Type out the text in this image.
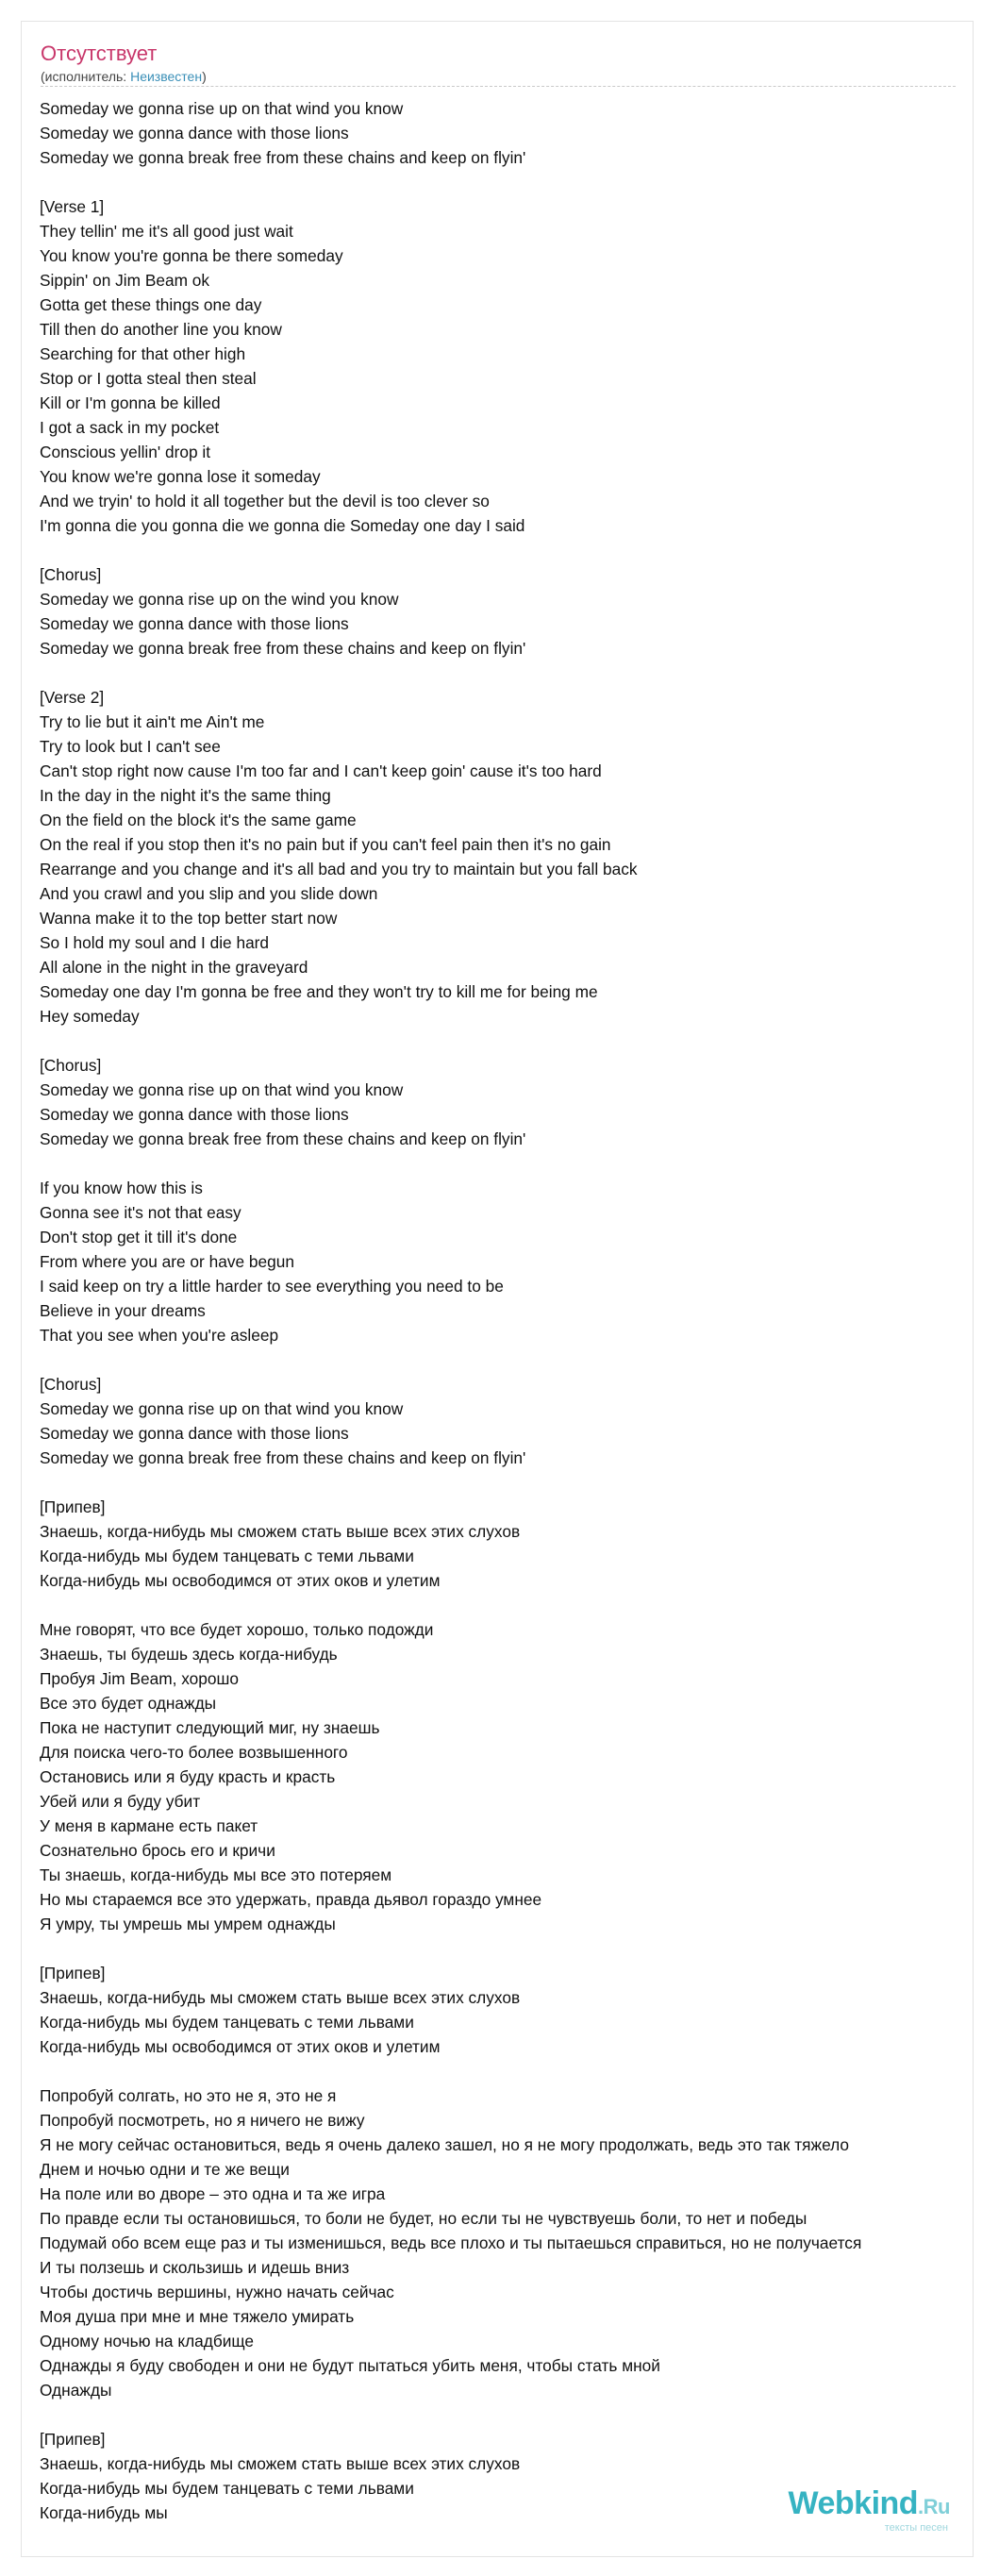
Отсутствует
(исполнитель: Неизвестен)
Someday we gonna rise up on that wind you know
Someday we gonna dance with those lions
Someday we gonna break free from these chains and keep on flyin'
[Verse 1]
They tellin' me it's all good just wait
You know you're gonna be there someday
Sippin' on Jim Beam ok
Gotta get these things one day
Till then do another line you know
Searching for that other high
Stop or I gotta steal then steal
Kill or I'm gonna be killed
I got a sack in my pocket
Conscious yellin' drop it
You know we're gonna lose it someday
And we tryin' to hold it all together but the devil is too clever so
I'm gonna die you gonna die we gonna die Someday one day I said
[Chorus]
Someday we gonna rise up on the wind you know
Someday we gonna dance with those lions
Someday we gonna break free from these chains and keep on flyin'
[Verse 2]
Try to lie but it ain't me Ain't me
Try to look but I can't see
Can't stop right now cause I'm too far and I can't keep goin' cause it's too hard
In the day in the night it's the same thing
On the field on the block it's the same game
On the real if you stop then it's no pain but if you can't feel pain then it's no gain
Rearrange and you change and it's all bad and you try to maintain but you fall back
And you crawl and you slip and you slide down
Wanna make it to the top better start now
So I hold my soul and I die hard
All alone in the night in the graveyard
Someday one day I'm gonna be free and they won't try to kill me for being me
Hey someday
[Chorus]
Someday we gonna rise up on that wind you know
Someday we gonna dance with those lions
Someday we gonna break free from these chains and keep on flyin'
If you know how this is
Gonna see it's not that easy
Don't stop get it till it's done
From where you are or have begun
I said keep on try a little harder to see everything you need to be
Believe in your dreams
That you see when you're asleep
[Chorus]
Someday we gonna rise up on that wind you know
Someday we gonna dance with those lions
Someday we gonna break free from these chains and keep on flyin'
[Припев]
Знаешь, когда-нибудь мы сможем стать выше всех этих слухов
Когда-нибудь мы будем танцевать с теми львами
Когда-нибудь мы освободимся от этих оков и улетим
Мне говорят, что все будет хорошо, только подожди
Знаешь, ты будешь здесь когда-нибудь
Пробуя Jim Beam, хорошо
Все это будет однажды
Пока не наступит следующий миг, ну знаешь
Для поиска чего-то более возвышенного
Остановись или я буду красть и красть
Убей или я буду убит
У меня в кармане есть пакет
Сознательно брось его и кричи
Ты знаешь, когда-нибудь мы все это потеряем
Но мы стараемся все это удержать, правда дьявол гораздо умнее
Я умру, ты умрешь мы умрем однажды
[Припев]
Знаешь, когда-нибудь мы сможем стать выше всех этих слухов
Когда-нибудь мы будем танцевать с теми львами
Когда-нибудь мы освободимся от этих оков и улетим
Попробуй солгать, но это не я, это не я
Попробуй посмотреть, но я ничего не вижу
Я не могу сейчас остановиться, ведь я очень далеко зашел, но я не могу продолжать, ведь это так тяжело
Днем и ночью одни и те же вещи
На поле или во дворе – это одна и та же игра
По правде если ты остановишься, то боли не будет, но если ты не чувствуешь боли, то нет и победы
Подумай обо всем еще раз и ты изменишься, ведь все плохо и ты пытаешься справиться, но не получается
И ты ползешь и скользишь и идешь вниз
Чтобы достичь вершины, нужно начать сейчас
Моя душа при мне и мне тяжело умирать
Одному ночью на кладбище
Однажды я буду свободен и они не будут пытаться убить меня, чтобы стать мной
Однажды
[Припев]
Знаешь, когда-нибудь мы сможем стать выше всех этих слухов
Когда-нибудь мы будем танцевать с теми львами
Когда-нибудь мы	Webkind.Ru
тексты песен
